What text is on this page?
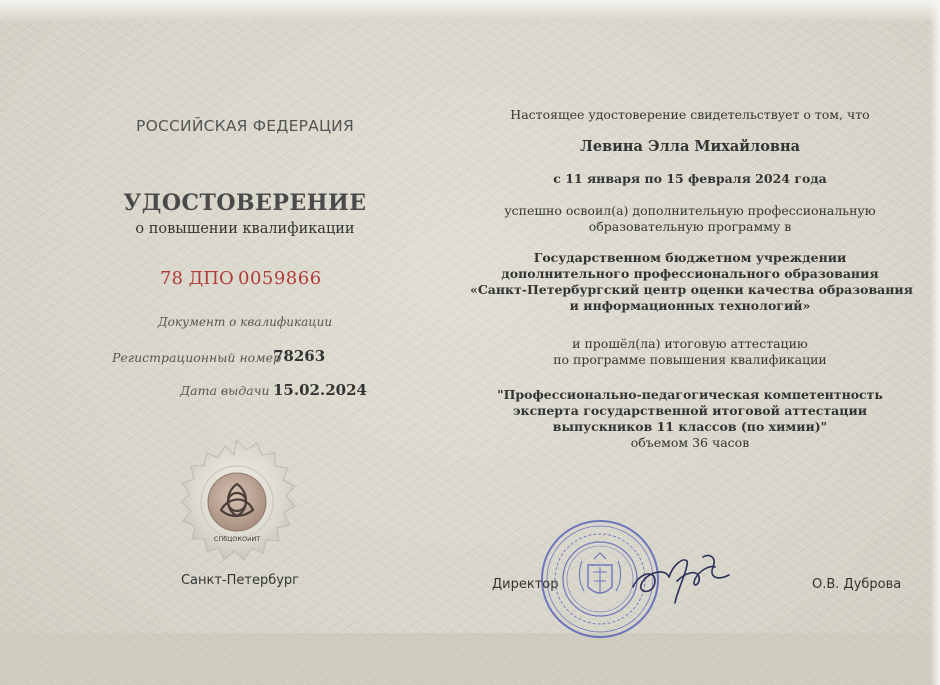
РОССИЙСКАЯ ФЕДЕРАЦИЯ
УДОСТОВЕРЕНИЕ
о повышении квалификации
78 ДПО 0059866
Документ о квалификации
Регистрационный номер
78263
Дата выдачи 15.02.2024
СПбЦОКОиИТ
Санкт-Петербург
Настоящее удостоверение свидетельствует о том, что
Левина Элла Михайловна
с 11 января по 15 февраля 2024 года
успешно освоил(а) дополнительную профессиональную
образовательную программу в
Государственном бюджетном учреждении
дополнительного профессионального образования
«Санкт-Петербургский центр оценки качества образования
и информационных технологий»
и прошёл(ла) итоговую аттестацию
по программе повышения квалификации
"Профессионально-педагогическая компетентность
эксперта государственной итоговой аттестации
выпускников 11 классов (по химии)"
объемом 36 часов
Директор	О.В. Дуброва
